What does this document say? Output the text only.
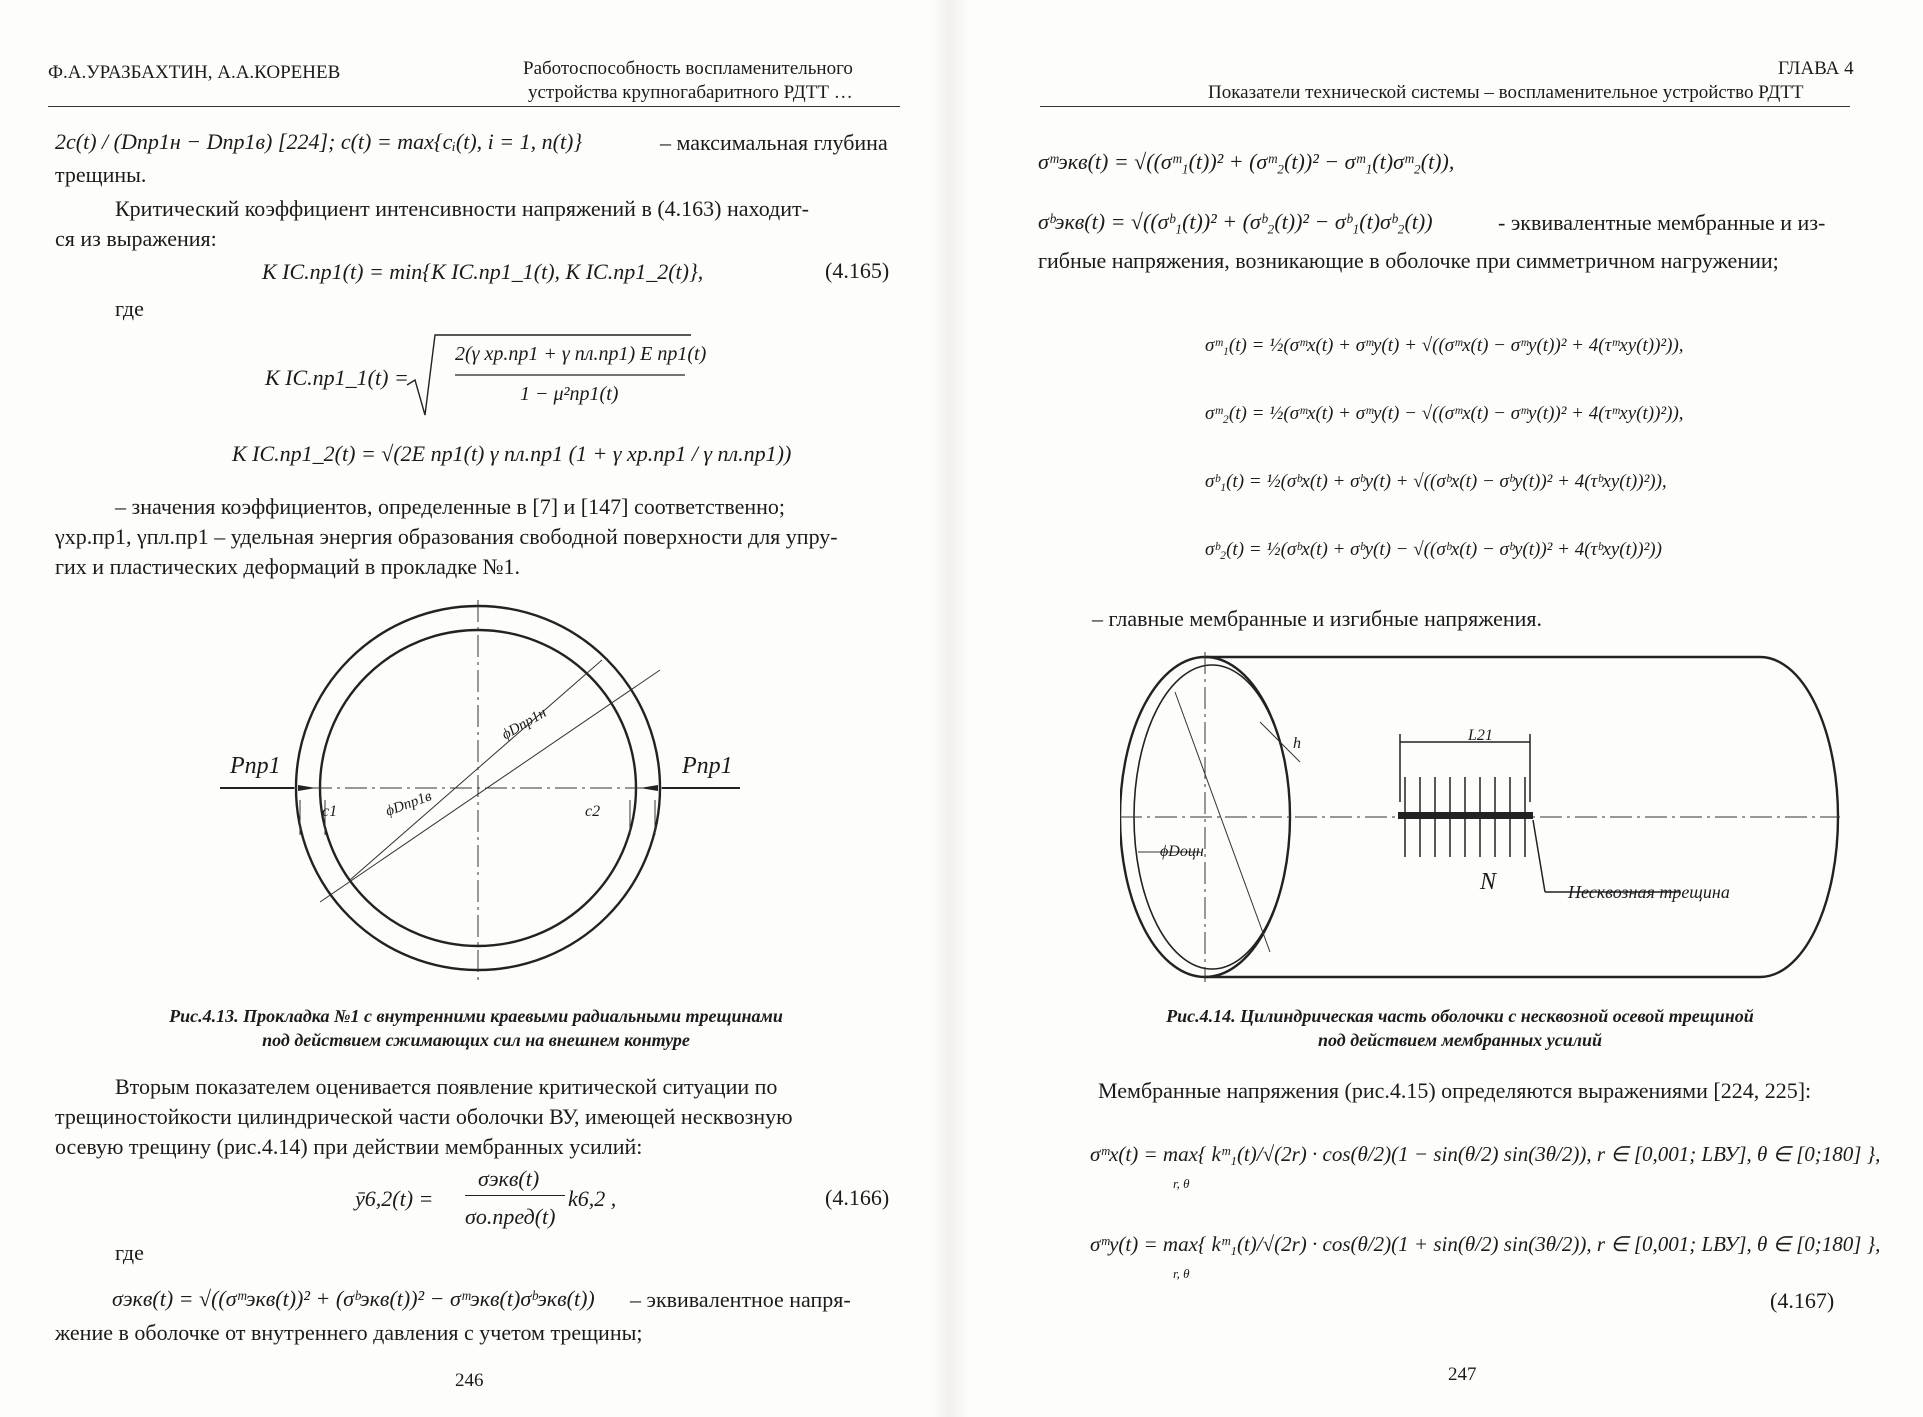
Ф.А.УРАЗБАХТИН, А.А.КОРЕНЕВ	Работоспособность воспламенительного
устройства крупногабаритного РДТТ …
2c(t) / (Dпр1н − Dпр1в) [224]; c(t) = max{cᵢ(t), i = 1, n(t)}	– максимальная глубина
трещины.
Критический коэффициент интенсивности напряжений в (4.163) находит-
ся из выражения:
K IC.пр1(t) = min{K IC.пр1_1(t), K IC.пр1_2(t)},	(4.165)
где
K IC.пр1_1(t) =
2(γ хр.пр1 + γ пл.пр1) E пр1(t)
1 − μ²пр1(t)
K IC.пр1_2(t) = √(2E пр1(t) γ пл.пр1 (1 + γ хр.пр1 / γ пл.пр1))
– значения коэффициентов, определенные в [7] и [147] соответственно;
γхр.пр1, γпл.пр1 – удельная энергия образования свободной поверхности для упру-
гих и пластических деформаций в прокладке №1.
Pпр1	Pпр1
ϕDпр1н
ϕDпр1в
c1	c2
Рис.4.13. Прокладка №1 с внутренними краевыми радиальными трещинами
под действием сжимающих сил на внешнем контуре
Вторым показателем оценивается появление критической ситуации по
трещиностойкости цилиндрической части оболочки ВУ, имеющей несквозную
осевую трещину (рис.4.14) при действии мембранных усилий:
ȳ6,2(t) =
σэкв(t)
σо.пред(t)
k6,2 ,	(4.166)
где
σэкв(t) = √((σᵐэкв(t))² + (σᵇэкв(t))² − σᵐэкв(t)σᵇэкв(t)) – эквивалентное напря-
жение в оболочке от внутреннего давления с учетом трещины;
246
ГЛАВА 4
Показатели технической системы – воспламенительное устройство РДТТ
σᵐэкв(t) = √((σᵐ₁(t))² + (σᵐ₂(t))² − σᵐ₁(t)σᵐ₂(t)),
σᵇэкв(t) = √((σᵇ₁(t))² + (σᵇ₂(t))² − σᵇ₁(t)σᵇ₂(t))	- эквивалентные мембранные и из-
гибные напряжения, возникающие в оболочке при симметричном нагружении;
σᵐ₁(t) = ½(σᵐx(t) + σᵐy(t) + √((σᵐx(t) − σᵐy(t))² + 4(τᵐxy(t))²)),
σᵐ₂(t) = ½(σᵐx(t) + σᵐy(t) − √((σᵐx(t) − σᵐy(t))² + 4(τᵐxy(t))²)),
σᵇ₁(t) = ½(σᵇx(t) + σᵇy(t) + √((σᵇx(t) − σᵇy(t))² + 4(τᵇxy(t))²)),
σᵇ₂(t) = ½(σᵇx(t) + σᵇy(t) − √((σᵇx(t) − σᵇy(t))² + 4(τᵇxy(t))²))
– главные мембранные и изгибные напряжения.
h	L21
ϕDоцн
N	Несквозная трещина
Рис.4.14. Цилиндрическая часть оболочки с несквозной осевой трещиной
под действием мембранных усилий
Мембранные напряжения (рис.4.15) определяются выражениями [224, 225]:
σᵐx(t) = max{ kᵐ₁(t)/√(2r) · cos(θ/2)(1 − sin(θ/2) sin(3θ/2)), r ∈ [0,001; LВУ], θ ∈ [0;180] },
r, θ
σᵐy(t) = max{ kᵐ₁(t)/√(2r) · cos(θ/2)(1 + sin(θ/2) sin(3θ/2)), r ∈ [0,001; LВУ], θ ∈ [0;180] },
r, θ
(4.167)
247
